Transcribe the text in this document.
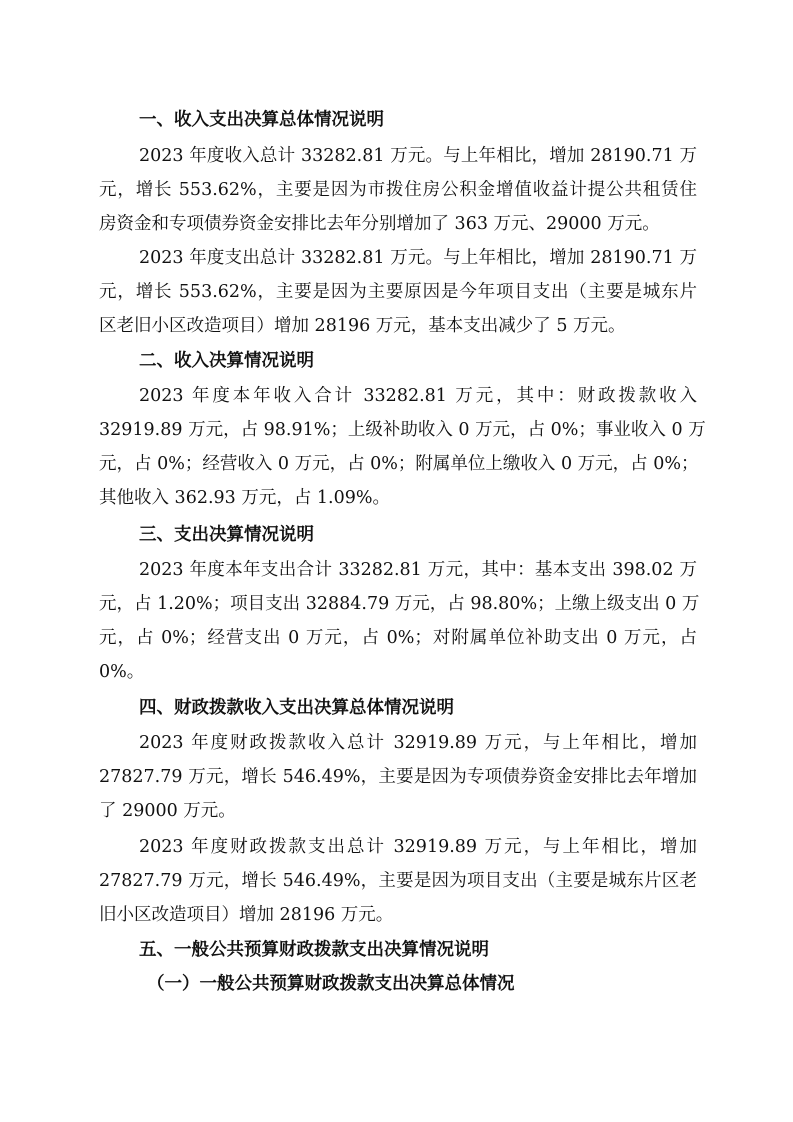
一、收入支出决算总体情况说明

2023 年度收入总计 33282.81 万元。与上年相比，增加 28190.71 万

元，增长 553.62%，主要是因为市拨住房公积金增值收益计提公共租赁住

房资金和专项债券资金安排比去年分别增加了 363 万元、29000 万元。

2023 年度支出总计 33282.81 万元。与上年相比，增加 28190.71 万

元，增长 553.62%，主要是因为主要原因是今年项目支出（主要是城东片

区老旧小区改造项目）增加 28196 万元，基本支出减少了 5 万元。

二、收入决算情况说明

2023 年度本年收入合计 33282.81 万元，其中：财政拨款收入

32919.89 万元，占 98.91%；上级补助收入 0 万元，占 0%；事业收入 0 万

元，占 0%；经营收入 0 万元，占 0%；附属单位上缴收入 0 万元，占 0%；

其他收入 362.93 万元，占 1.09%。

三、支出决算情况说明

2023 年度本年支出合计 33282.81 万元，其中：基本支出 398.02 万

元，占 1.20%；项目支出 32884.79 万元，占 98.80%；上缴上级支出 0 万

元，占 0%；经营支出 0 万元，占 0%；对附属单位补助支出 0 万元，占

0%。

四、财政拨款收入支出决算总体情况说明

2023 年度财政拨款收入总计 32919.89 万元，与上年相比，增加

27827.79 万元，增长 546.49%，主要是因为专项债券资金安排比去年增加

了 29000 万元。

2023 年度财政拨款支出总计 32919.89 万元，与上年相比，增加

27827.79 万元，增长 546.49%，主要是因为项目支出（主要是城东片区老

旧小区改造项目）增加 28196 万元。

五、一般公共预算财政拨款支出决算情况说明

（一）一般公共预算财政拨款支出决算总体情况
